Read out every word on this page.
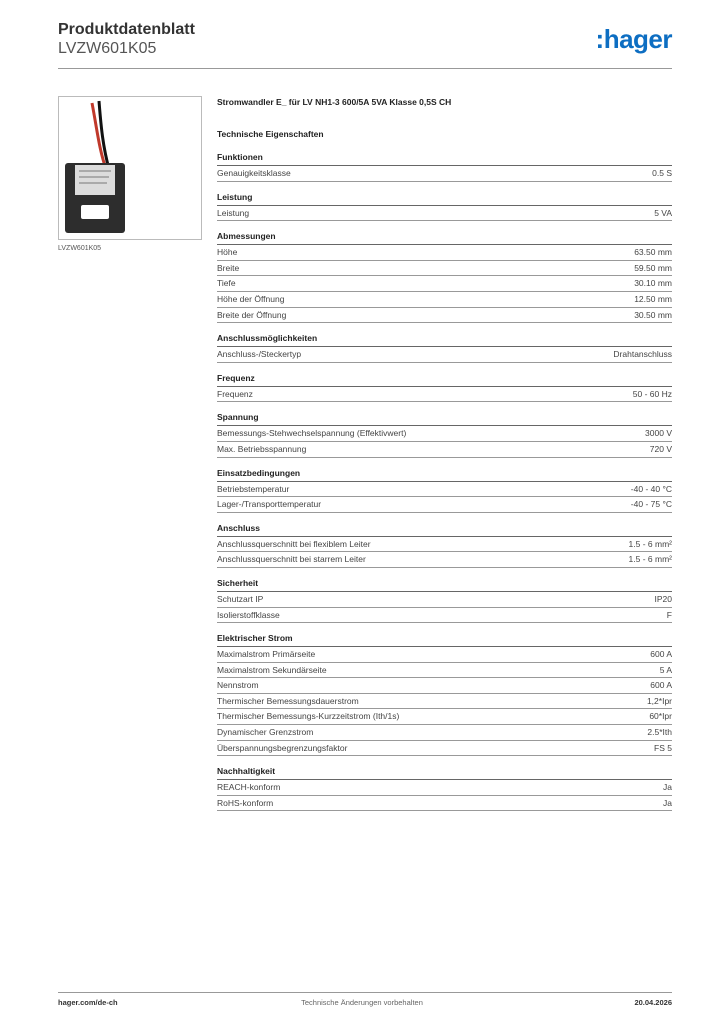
Produktdatenblatt
LVZW601K05	:hager
LVZW601K05
Stromwandler E_ für LV NH1-3 600/5A 5VA Klasse 0,5S CH
Technische Eigenschaften
Funktionen
Genauigkeitsklasse	0.5 S
Leistung
Leistung	5 VA
Abmessungen
Höhe	63.50 mm
Breite	59.50 mm
Tiefe	30.10 mm
Höhe der Öffnung	12.50 mm
Breite der Öffnung	30.50 mm
Anschlussmöglichkeiten
Anschluss-/Steckertyp	Drahtanschluss
Frequenz
Frequenz	50 - 60 Hz
Spannung
Bemessungs-Stehwechselspannung (Effektivwert)	3000 V
Max. Betriebsspannung	720 V
Einsatzbedingungen
Betriebstemperatur	-40 - 40 °C
Lager-/Transporttemperatur	-40 - 75 °C
Anschluss
Anschlussquerschnitt bei flexiblem Leiter	1.5 - 6 mm²
Anschlussquerschnitt bei starrem Leiter	1.5 - 6 mm²
Sicherheit
Schutzart IP	IP20
Isolierstoffklasse	F
Elektrischer Strom
Maximalstrom Primärseite	600 A
Maximalstrom Sekundärseite	5 A
Nennstrom	600 A
Thermischer Bemessungsdauerstrom	1,2*Ipr
Thermischer Bemessungs-Kurzzeitstrom (Ith/1s)	60*Ipr
Dynamischer Grenzstrom	2.5*Ith
Überspannungsbegrenzungsfaktor	FS 5
Nachhaltigkeit
REACH-konform	Ja
RoHS-konform	Ja
hager.com/de-ch	Technische Änderungen vorbehalten	20.04.2026
